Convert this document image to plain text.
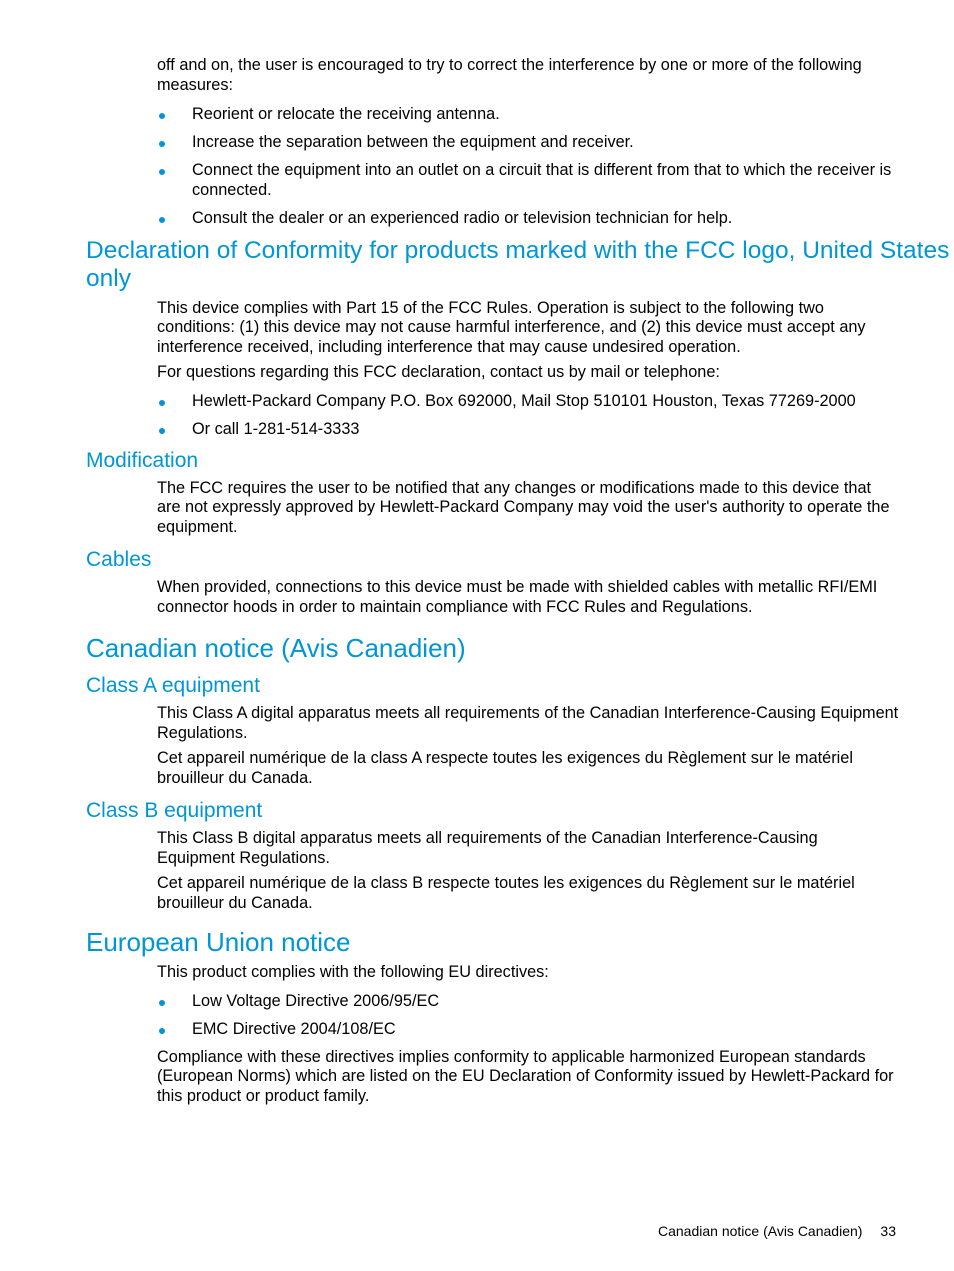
off and on, the user is encouraged to try to correct the interference by one or more of the following measures:

Reorient or relocate the receiving antenna.
Increase the separation between the equipment and receiver.
Connect the equipment into an outlet on a circuit that is different from that to which the receiver is connected.
Consult the dealer or an experienced radio or television technician for help.
Declaration of Conformity for products marked with the FCC logo, United States only

This device complies with Part 15 of the FCC Rules. Operation is subject to the following two conditions: (1) this device may not cause harmful interference, and (2) this device must accept any interference received, including interference that may cause undesired operation.

For questions regarding this FCC declaration, contact us by mail or telephone:

Hewlett-Packard Company P.O. Box 692000, Mail Stop 510101 Houston, Texas 77269-2000
Or call 1-281-514-3333
Modification

The FCC requires the user to be notified that any changes or modifications made to this device that are not expressly approved by Hewlett-Packard Company may void the user's authority to operate the equipment.

Cables

When provided, connections to this device must be made with shielded cables with metallic RFI/EMI connector hoods in order to maintain compliance with FCC Rules and Regulations.

Canadian notice (Avis Canadien)
Class A equipment

This Class A digital apparatus meets all requirements of the Canadian Interference-Causing Equipment Regulations.

Cet appareil numérique de la class A respecte toutes les exigences du Règlement sur le matériel brouilleur du Canada.

Class B equipment

This Class B digital apparatus meets all requirements of the Canadian Interference-Causing Equipment Regulations.

Cet appareil numérique de la class B respecte toutes les exigences du Règlement sur le matériel brouilleur du Canada.

European Union notice

This product complies with the following EU directives:

Low Voltage Directive 2006/95/EC
EMC Directive 2004/108/EC

Compliance with these directives implies conformity to applicable harmonized European standards (European Norms) which are listed on the EU Declaration of Conformity issued by Hewlett-Packard for this product or product family.

Canadian notice (Avis Canadien) 33
